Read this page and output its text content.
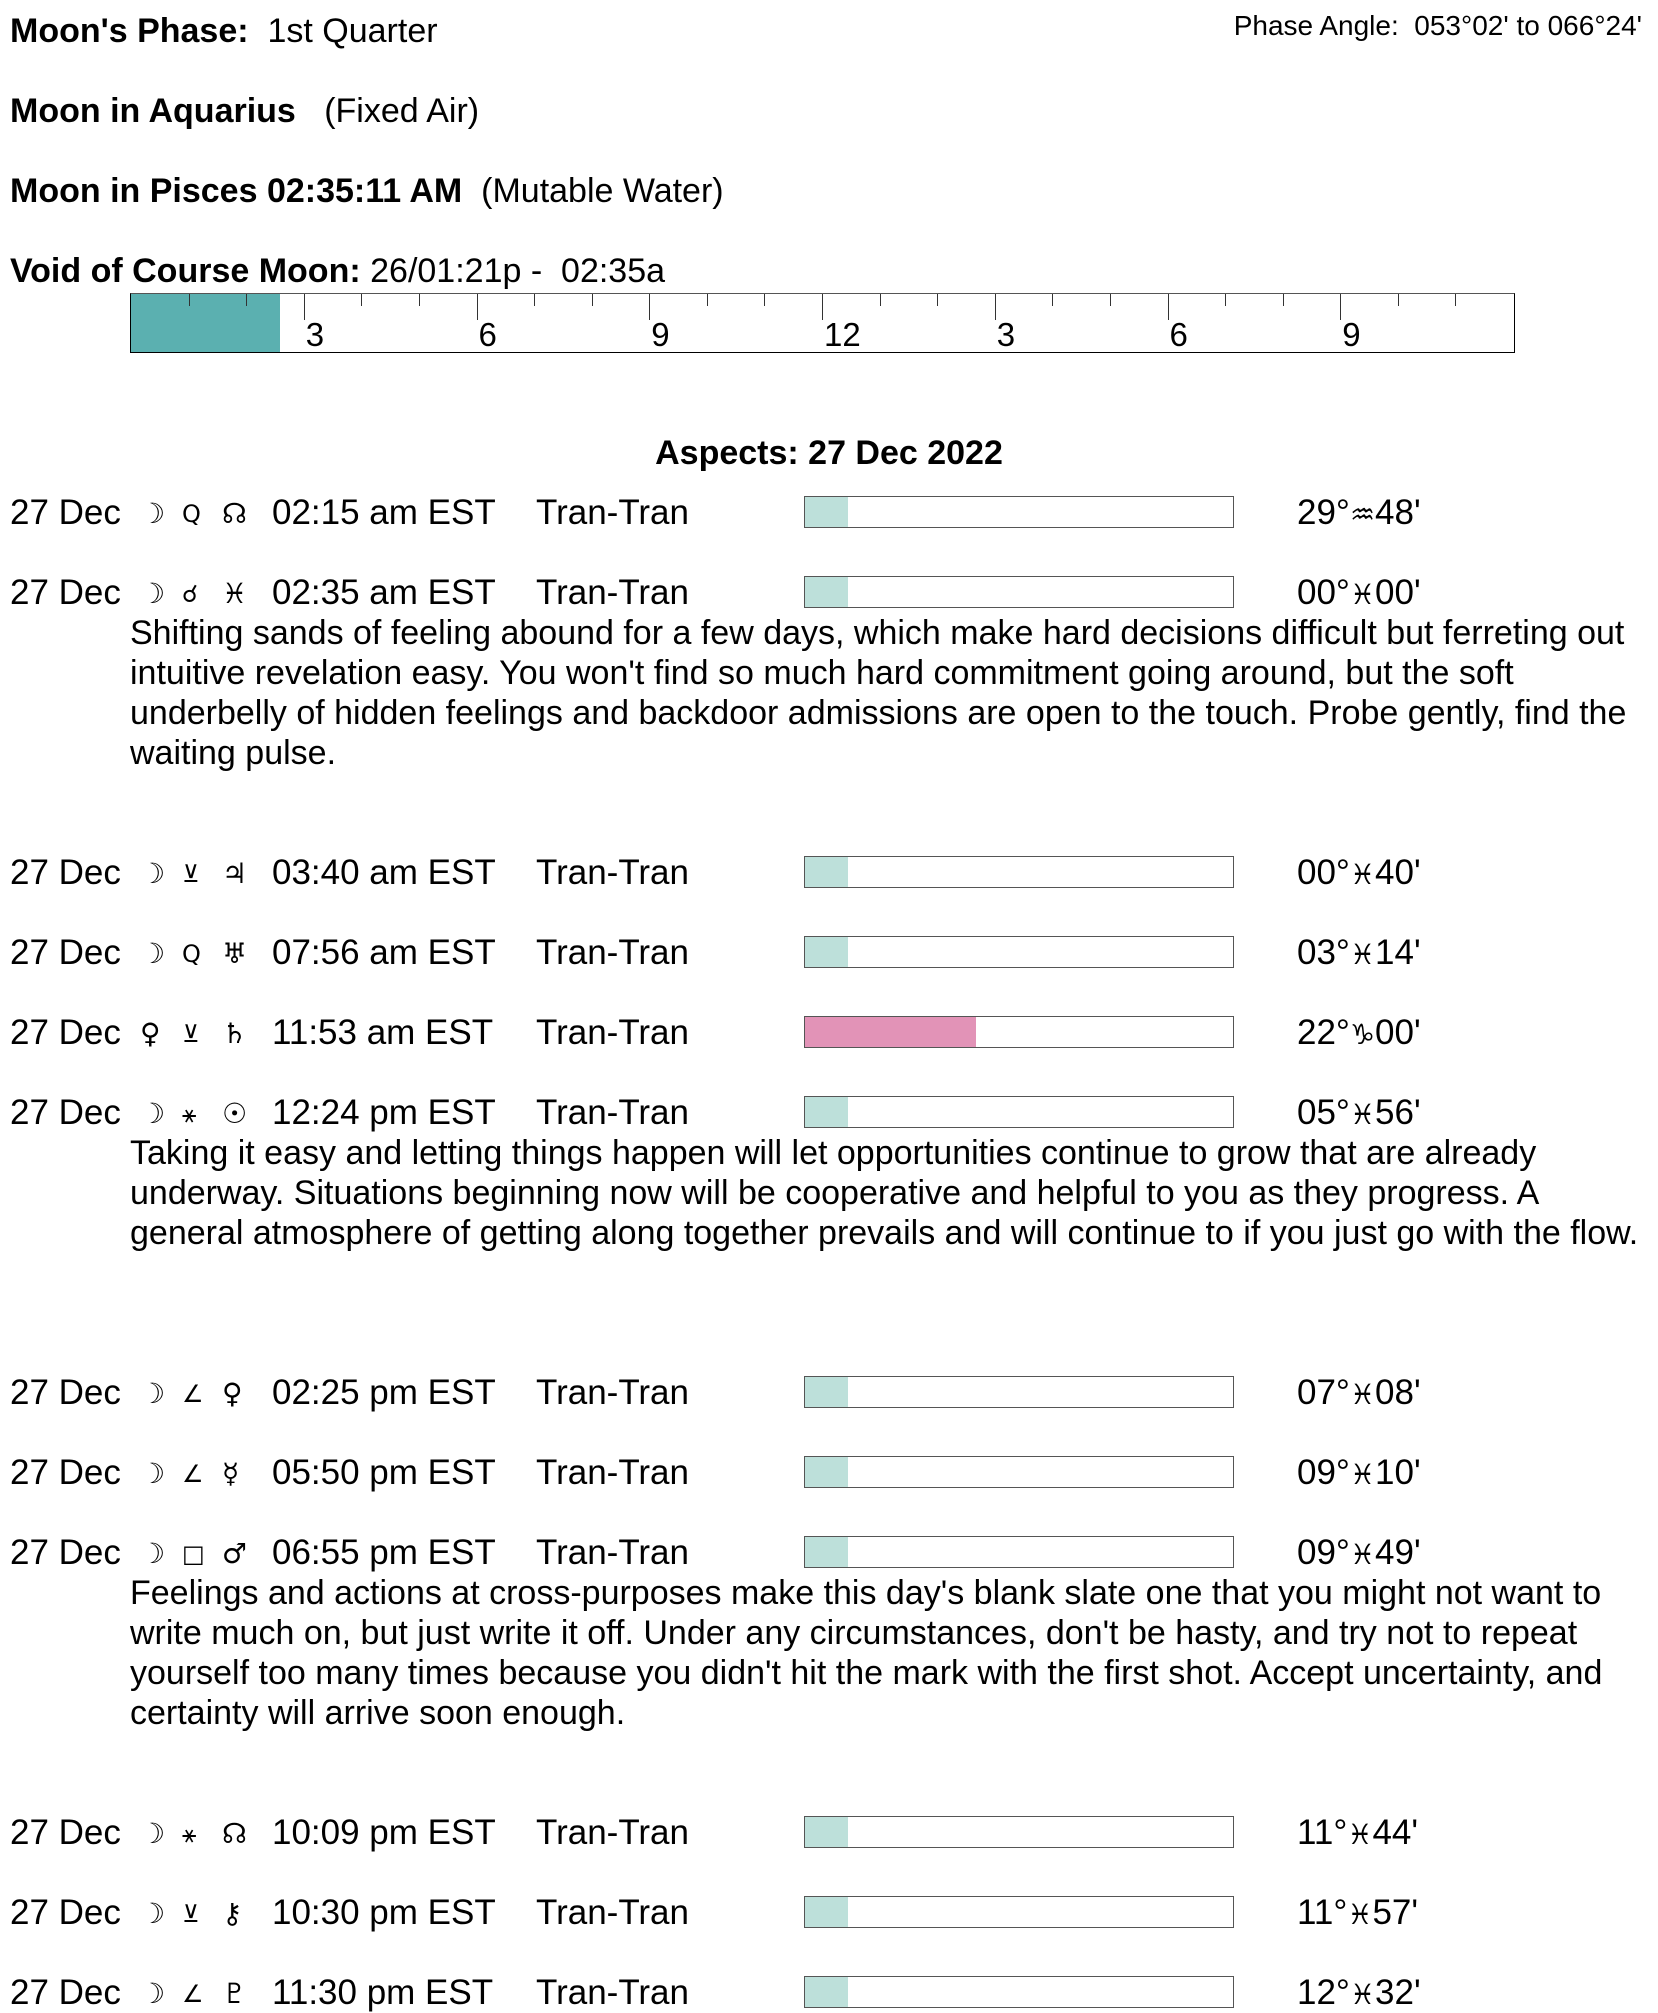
Moon's Phase: 1st Quarter	Phase Angle:  053°02' to 066°24'
Moon in Aquarius (Fixed Air)
Moon in Pisces 02:35:11 AM (Mutable Water)
Void of Course Moon: 26/01:21p -  02:35a
3	6	9	12	3	6	9
Aspects: 27 Dec 2022
27 Dec ☽ Q ☊ 02:15 am EST Tran-Tran	29°♒48'
27 Dec ☽ ☌ ♓ 02:35 am EST Tran-Tran	00°♓00'
Shifting sands of feeling abound for a few days, which make hard decisions difficult but ferreting out intuitive revelation easy. You won't find so much hard commitment going around, but the soft underbelly of hidden feelings and backdoor admissions are open to the touch. Probe gently, find the waiting pulse.
27 Dec ☽ ⊻ ♃ 03:40 am EST Tran-Tran	00°♓40'
27 Dec ☽ Q ♅ 07:56 am EST Tran-Tran	03°♓14'
27 Dec ♀ ⊻ ♄ 11:53 am EST Tran-Tran	22°♑00'
27 Dec ☽ ⚹ ☉ 12:24 pm EST Tran-Tran	05°♓56'
Taking it easy and letting things happen will let opportunities continue to grow that are already underway. Situations beginning now will be cooperative and helpful to you as they progress. A general atmosphere of getting along together prevails and will continue to if you just go with the flow.
27 Dec ☽ ∠ ♀ 02:25 pm EST Tran-Tran	07°♓08'
27 Dec ☽ ∠ ☿ 05:50 pm EST Tran-Tran	09°♓10'
27 Dec ☽ □ ♂ 06:55 pm EST Tran-Tran	09°♓49'
Feelings and actions at cross-purposes make this day's blank slate one that you might not want to write much on, but just write it off. Under any circumstances, don't be hasty, and try not to repeat yourself too many times because you didn't hit the mark with the first shot. Accept uncertainty, and certainty will arrive soon enough.
27 Dec ☽ ⚹ ☊ 10:09 pm EST Tran-Tran	11°♓44'
27 Dec ☽ ⊻ ⚷ 10:30 pm EST Tran-Tran	11°♓57'
27 Dec ☽ ∠ ♇ 11:30 pm EST Tran-Tran	12°♓32'
